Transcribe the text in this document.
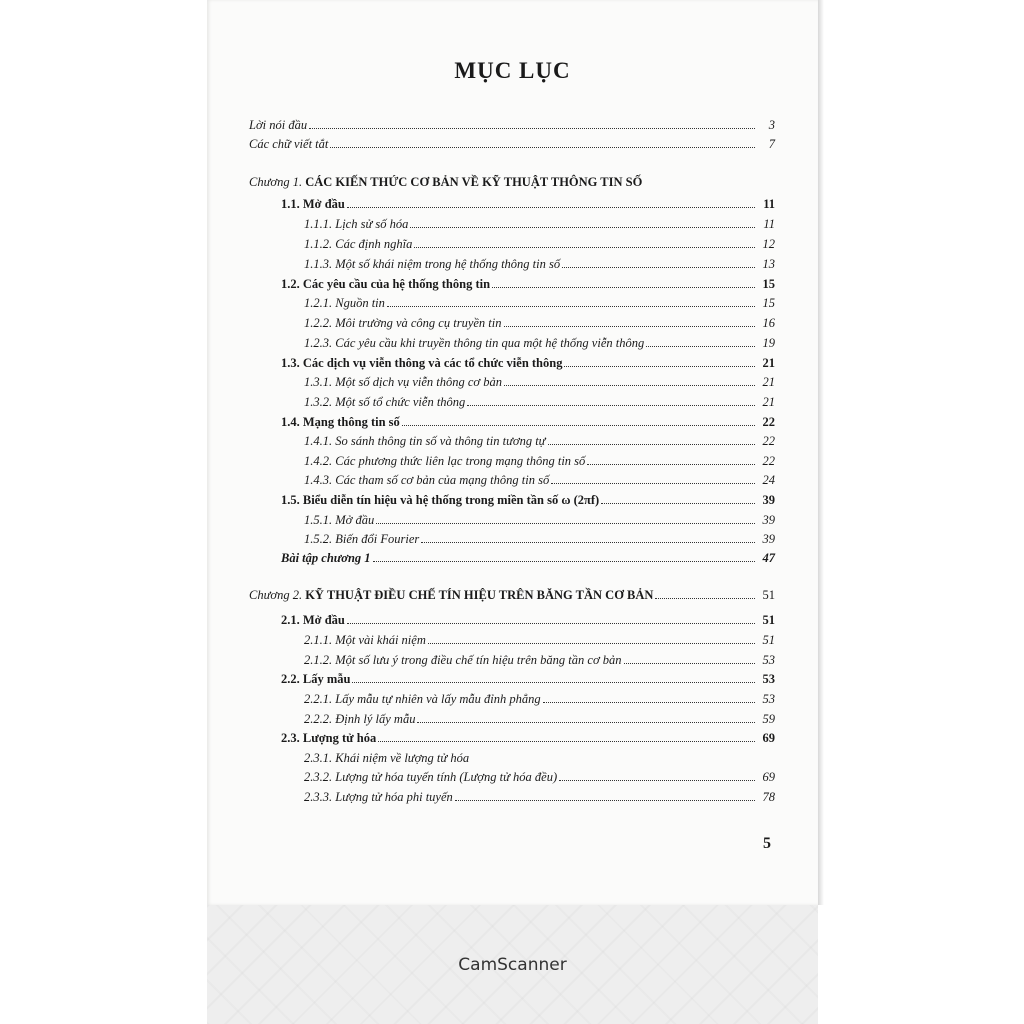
MỤC LỤC
Lời nói đầu	3
Các chữ viết tắt	7
Chương 1. CÁC KIẾN THỨC CƠ BẢN VỀ KỸ THUẬT THÔNG TIN SỐ
1.1. Mở đầu	11
1.1.1. Lịch sử số hóa	11
1.1.2. Các định nghĩa	12
1.1.3. Một số khái niệm trong hệ thống thông tin số	13
1.2. Các yêu cầu của hệ thống thông tin	15
1.2.1. Nguồn tin	15
1.2.2. Môi trường và công cụ truyền tin	16
1.2.3. Các yêu cầu khi truyền thông tin qua một hệ thống viễn thông	19
1.3. Các dịch vụ viễn thông và các tổ chức viễn thông	21
1.3.1. Một số dịch vụ viễn thông cơ bản	21
1.3.2. Một số tổ chức viễn thông	21
1.4. Mạng thông tin số	22
1.4.1. So sánh thông tin số và thông tin tương tự	22
1.4.2. Các phương thức liên lạc trong mạng thông tin số	22
1.4.3. Các tham số cơ bản của mạng thông tin số	24
1.5. Biểu diễn tín hiệu và hệ thống trong miền tần số ω (2πf)	39
1.5.1. Mở đầu	39
1.5.2. Biến đổi Fourier	39
Bài tập chương 1	47
Chương 2. KỸ THUẬT ĐIỀU CHẾ TÍN HIỆU TRÊN BĂNG TẦN CƠ BẢN	51
2.1. Mở đầu	51
2.1.1. Một vài khái niệm	51
2.1.2. Một số lưu ý trong điều chế tín hiệu trên băng tần cơ bản	53
2.2. Lấy mẫu	53
2.2.1. Lấy mẫu tự nhiên và lấy mẫu đỉnh phẳng	53
2.2.2. Định lý lấy mẫu	59
2.3. Lượng tử hóa	69
2.3.1. Khái niệm về lượng tử hóa
2.3.2. Lượng tử hóa tuyến tính (Lượng tử hóa đều)	69
2.3.3. Lượng tử hóa phi tuyến	78
5
CamScanner
